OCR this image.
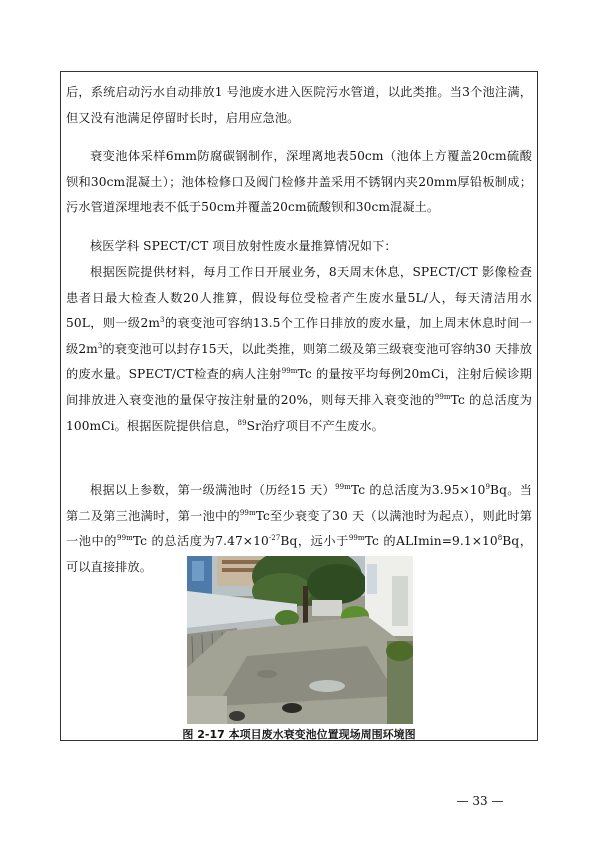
后，系统启动污水自动排放1 号池废水进入医院污水管道，以此类推。当3个池注满，但又没有池满足停留时长时，启用应急池。

衰变池体采样6mm防腐碳钢制作，深埋离地表50cm（池体上方覆盖20cm硫酸钡和30cm混凝土）；池体检修口及阀门检修井盖采用不锈钢内夹20mm厚铅板制成；污水管道深埋地表不低于50cm并覆盖20cm硫酸钡和30cm混凝土。

核医学科 SPECT/CT 项目放射性废水量推算情况如下：

根据医院提供材料，每月工作日开展业务，8天周末休息，SPECT/CT 影像检查患者日最大检查人数20人推算，假设每位受检者产生废水量5L/人，每天清洁用水50L，则一级$2m^3$的衰变池可容纳13.5个工作日排放的废水量，加上周末休息时间一级$2m^3$的衰变池可以封存15天，以此类推，则第二级及第三级衰变池可容纳30 天排放的废水量。SPECT/CT检查的病人注射$^{99m}$Tc 的量按平均每例20mCi，注射后候诊期间排放进入衰变池的量保守按注射量的20%，则每天排入衰变池的$^{99m}$Tc 的总活度为100mCi。根据医院提供信息，$^{89}$Sr治疗项目不产生废水。

根据以上参数，第一级满池时（历经15 天）$^{99m}$Tc 的总活度为$3.95\times 10^9Bq$。当第二及第三池满时，第一池中的$^{99m}$Tc至少衰变了30 天（以满池时为起点），则此时第一池中的$^{99m}$Tc 的总活度为$7.47\times 10^{-27}Bq$，远小于$^{99m}$Tc 的$ALImin=9.1\times 10^8Bq$，可以直接排放。

图 2-17 本项目废水衰变池位置现场周围环境图
— 33 —
